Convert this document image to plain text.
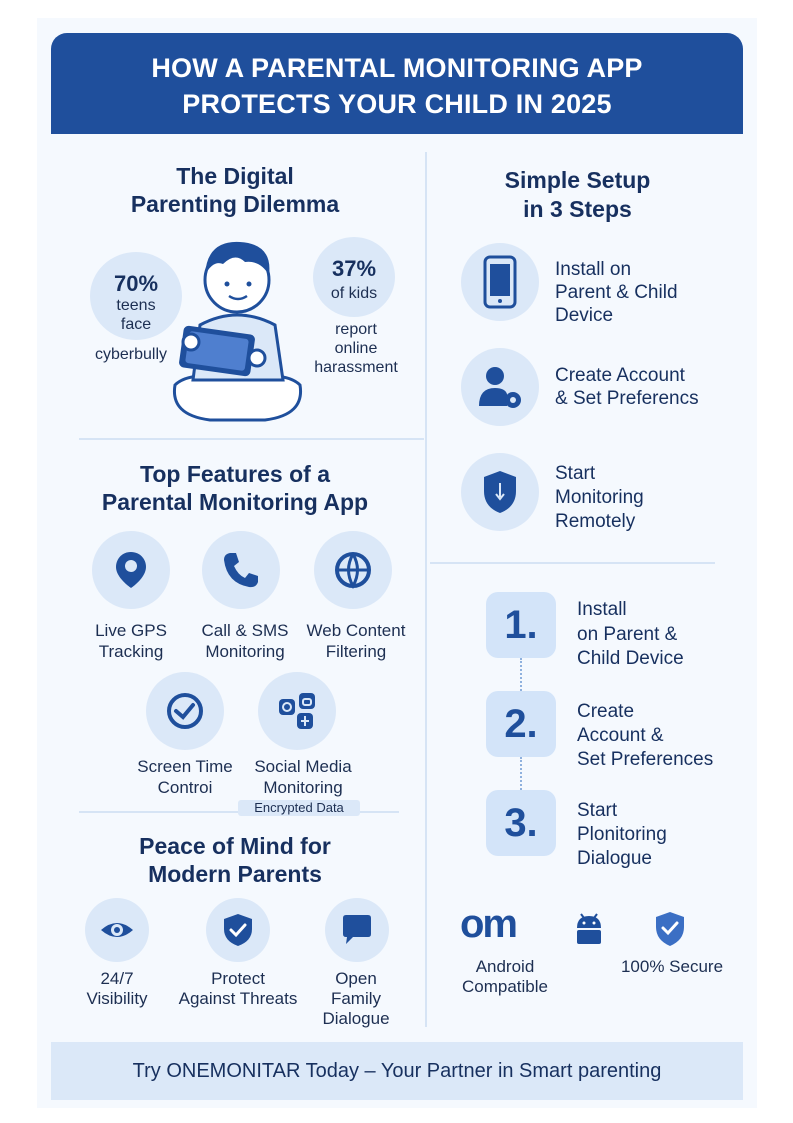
HOW A PARENTAL MONITORING APP
PROTECTS YOUR CHILD IN 2025
The Digital
Parenting Dilemma
70%
teens
face
cyberbully
37%
of kids
report
online
harassment
Top Features of a
Parental Monitoring App
Live GPS
Tracking
Call & SMS
Monitoring
Web Content
Filtering
Screen Time
Controi
Social Media
Monitoring
Encrypted Data
Peace of Mind for
Modern Parents
24/7
Visibility
Protect
Against Threats
Open
Family
Dialogue
Simple Setup
in 3 Steps
Install on
Parent & Child
Device
Create Account
& Set Preferencs
Start
Monitoring
Remotely
1.	Install
on Parent &
Child Device
2.	Create
Account &
Set Preferences
3.	Start
Plonitoring
Dialogue
om
Android
Compatible
100% Secure
Try ONEMONITAR Today – Your Partner in Smart parenting
